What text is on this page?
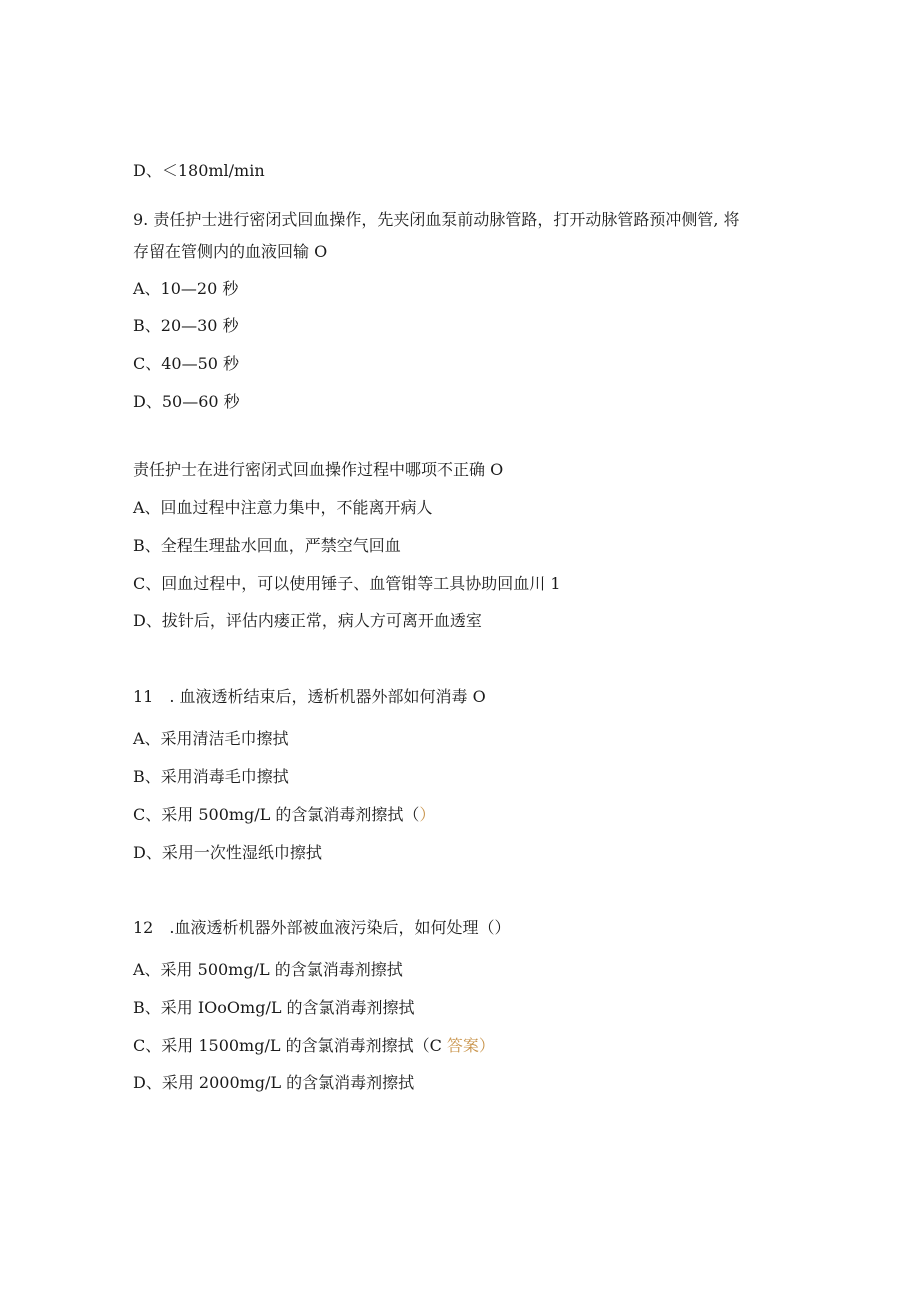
D、＜180ml∕min
9. 责任护士进行密闭式回血操作，先夹闭血泵前动脉管路，打开动脉管路预冲侧管, 将
存留在管侧内的血液回输 O
A、10—20 秒
B、20—30 秒
C、40—50 秒
D、50—60 秒
责任护士在进行密闭式回血操作过程中哪项不正确 O
A、回血过程中注意力集中，不能离开病人
B、全程生理盐水回血，严禁空气回血
C、回血过程中，可以使用锤子、血管钳等工具协助回血川 1
D、拔针后，评估内瘘正常，病人方可离开血透室
11　. 血液透析结束后，透析机器外部如何消毒 O
A、采用清洁毛巾擦拭
B、采用消毒毛巾擦拭
C、采用 500mg∕L 的含氯消毒剂擦拭（）
D、采用一次性湿纸巾擦拭
12　.血液透析机器外部被血液污染后，如何处理（）
A、采用 500mg∕L 的含氯消毒剂擦拭
B、采用 IOoOmg/L 的含氯消毒剂擦拭
C、采用 1500mg∕L 的含氯消毒剂擦拭（C 答案）
D、采用 2000mg∕L 的含氯消毒剂擦拭
